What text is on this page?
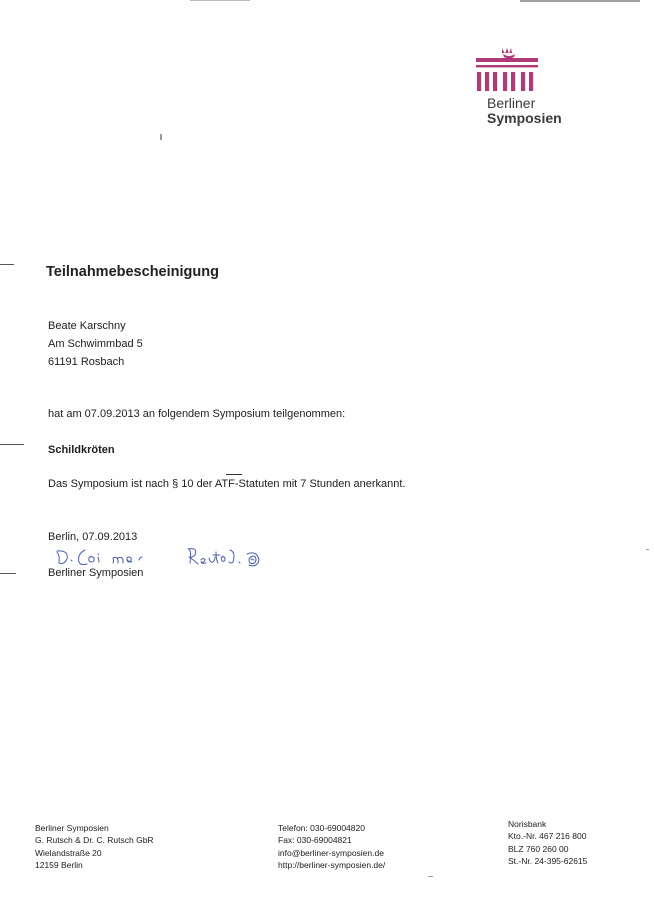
Berliner
Symposien
Teilnahmebescheinigung
Beate Karschny
Am Schwimmbad 5
61191 Rosbach
hat am 07.09.2013 an folgendem Symposium teilgenommen:
Schildkröten
Das Symposium ist nach § 10 der ATF-Statuten mit 7 Stunden anerkannt.
Berlin, 07.09.2013
Berliner Symposien
Berliner Symposien
G. Rutsch & Dr. C. Rutsch GbR
Wielandstraße 20
12159 Berlin
Telefon: 030-69004820
Fax: 030-69004821
info@berliner-symposien.de
http://berliner-symposien.de/
Norisbank
Kto.-Nr. 467 216 800
BLZ 760 260 00
St.-Nr. 24-395-62615
